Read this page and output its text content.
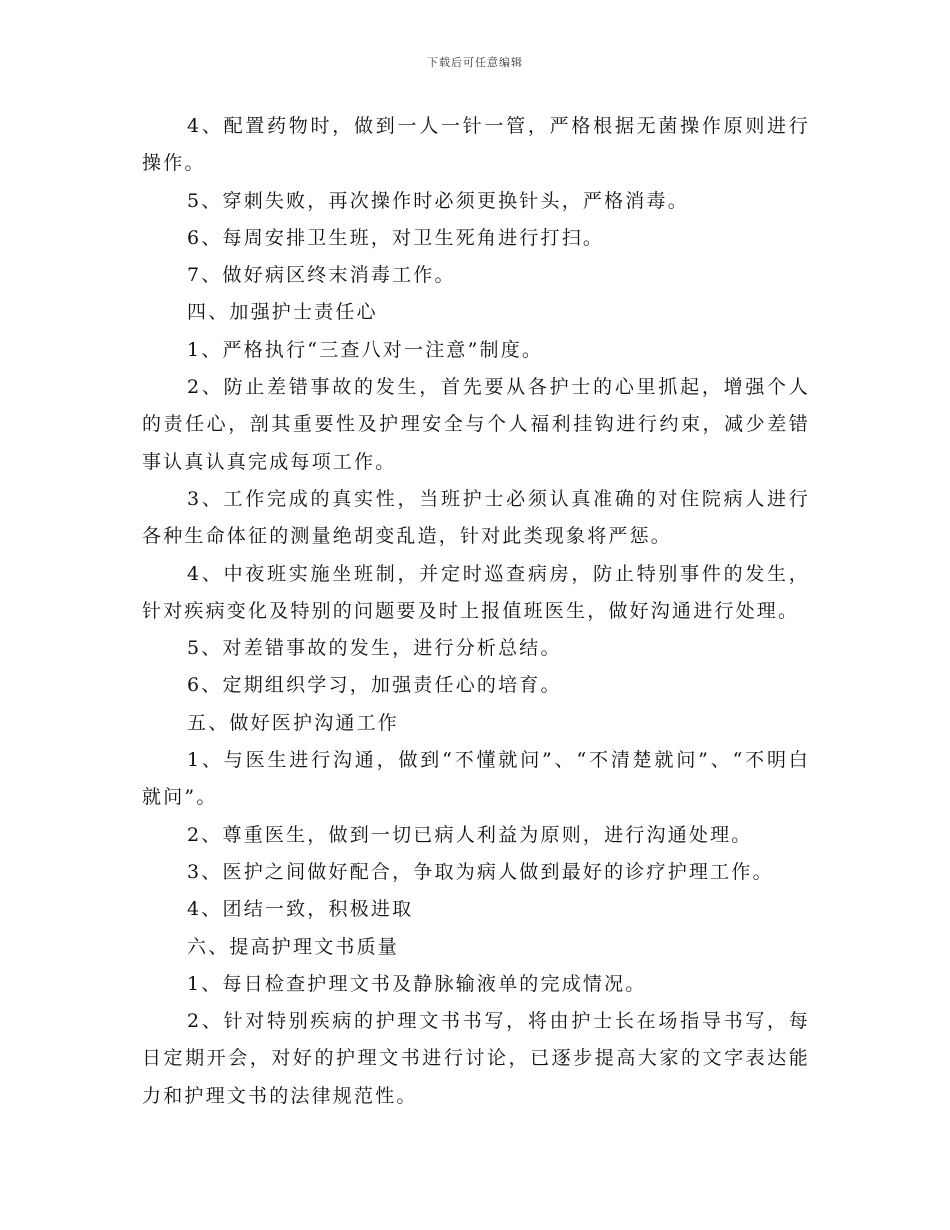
下载后可任意编辑

4、配置药物时，做到一人一针一管，严格根据无菌操作原则进行操作。

5、穿刺失败，再次操作时必须更换针头，严格消毒。

6、每周安排卫生班，对卫生死角进行打扫。

7、做好病区终末消毒工作。

四、加强护士责任心

1、严格执行“三查八对一注意”制度。

2、防止差错事故的发生，首先要从各护士的心里抓起，增强个人的责任心，剖其重要性及护理安全与个人福利挂钩进行约束，减少差错事认真认真完成每项工作。

3、工作完成的真实性，当班护士必须认真准确的对住院病人进行各种生命体征的测量绝胡变乱造，针对此类现象将严惩。

4、中夜班实施坐班制，并定时巡查病房，防止特别事件的发生，针对疾病变化及特别的问题要及时上报值班医生，做好沟通进行处理。

5、对差错事故的发生，进行分析总结。

6、定期组织学习，加强责任心的培育。

五、做好医护沟通工作

1、与医生进行沟通，做到“不懂就问”、“不清楚就问”、“不明白就问”。

2、尊重医生，做到一切已病人利益为原则，进行沟通处理。

3、医护之间做好配合，争取为病人做到最好的诊疗护理工作。

4、团结一致，积极进取

六、提高护理文书质量

1、每日检查护理文书及静脉输液单的完成情况。

2、针对特别疾病的护理文书书写，将由护士长在场指导书写，每日定期开会，对好的护理文书进行讨论，已逐步提高大家的文字表达能力和护理文书的法律规范性。
